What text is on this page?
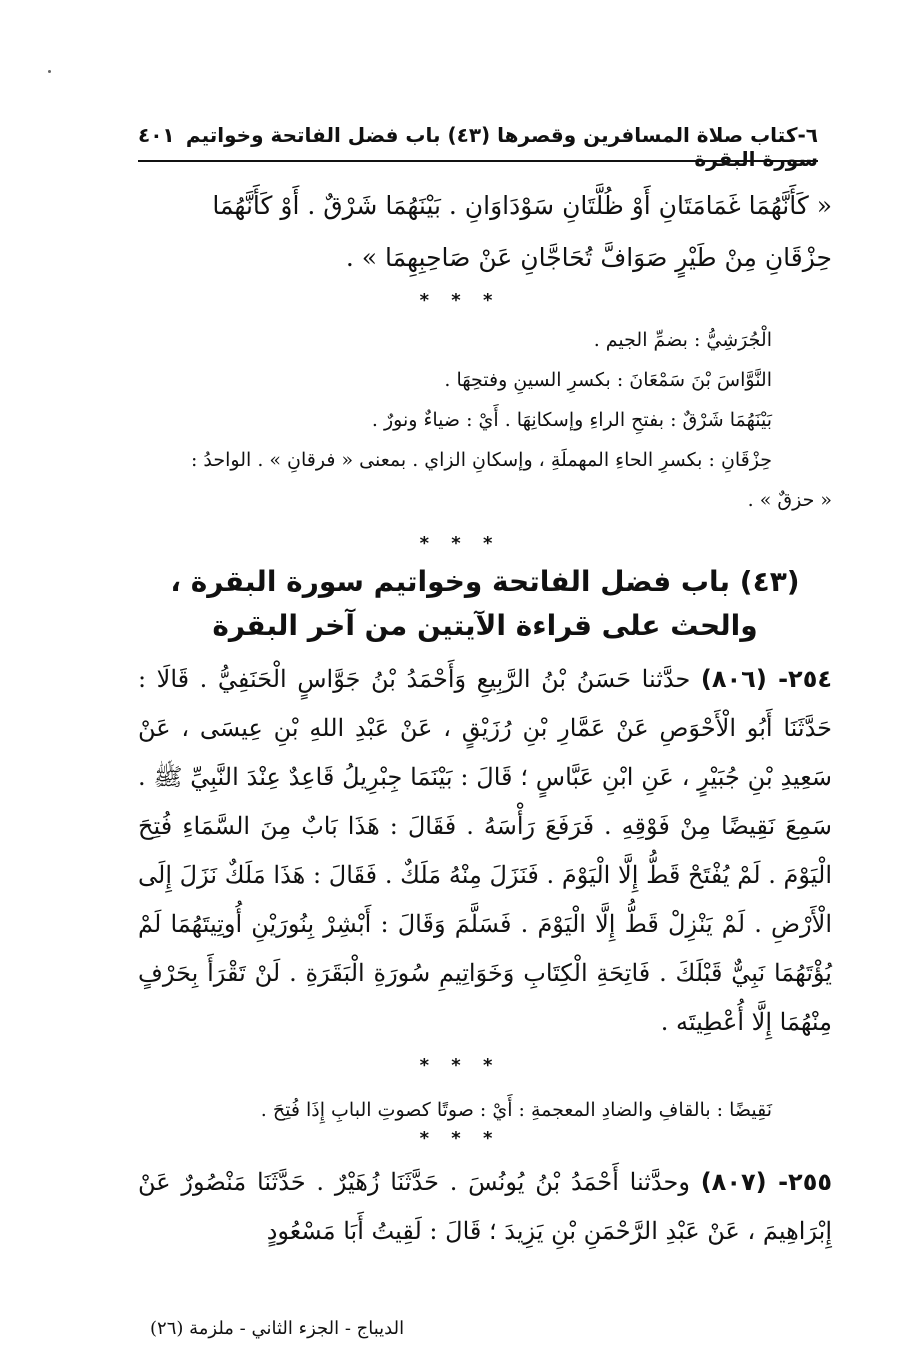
٦-كتاب صلاة المسافرين وقصرها (٤٣) باب فضل الفاتحة وخواتيم سورة البقرة
٤٠١
« كَأَنَّهُمَا غَمَامَتَانِ أَوْ ظُلَّتَانِ سَوْدَاوَانِ . بَيْنَهُمَا شَرْقٌ . أَوْ كَأَنَّهُمَا حِزْقَانِ مِنْ طَيْرٍ صَوَافَّ تُحَاجَّانِ عَنْ صَاحِبِهِمَا » .
* * *
الْجُرَشِيُّ : بضمِّ الجيم .
النَّوَّاسَ بْنَ سَمْعَانَ : بكسرِ السينِ وفتحِهَا .
بَيْنَهُمَا شَرْقٌ : بفتحِ الراءِ وإسكانِهَا . أَيْ : ضياءٌ ونورٌ .
حِزْقَانِ : بكسرِ الحاءِ المهملَةِ ، وإسكانِ الزاي . بمعنى « فرقانِ » . الواحدُ :
« حزقٌ » .
* * *
(٤٣) باب فضل الفاتحة وخواتيم سورة البقرة ، والحث على قراءة الآيتين من آخر البقرة
٢٥٤- (٨٠٦) حدَّثنا حَسَنُ بْنُ الرَّبِيعِ وَأَحْمَدُ بْنُ جَوَّاسٍ الْحَنَفِيُّ . قَالَا : حَدَّثَنَا أَبُو الْأَحْوَصِ عَنْ عَمَّارِ بْنِ رُزَيْقٍ ، عَنْ عَبْدِ اللهِ بْنِ عِيسَى ، عَنْ سَعِيدِ بْنِ جُبَيْرٍ ، عَنِ ابْنِ عَبَّاسٍ ؛ قَالَ : بَيْنَمَا جِبْرِيلُ قَاعِدٌ عِنْدَ النَّبِيِّ ﷺ . سَمِعَ نَقِيضًا مِنْ فَوْقِهِ . فَرَفَعَ رَأْسَهُ . فَقَالَ : هَذَا بَابٌ مِنَ السَّمَاءِ فُتِحَ الْيَوْمَ . لَمْ يُفْتَحْ قَطُّ إِلَّا الْيَوْمَ . فَنَزَلَ مِنْهُ مَلَكٌ . فَقَالَ : هَذَا مَلَكٌ نَزَلَ إِلَى الْأَرْضِ . لَمْ يَنْزِلْ قَطُّ إِلَّا الْيَوْمَ . فَسَلَّمَ وَقَالَ : أَبْشِرْ بِنُورَيْنِ أُوتِيتَهُمَا لَمْ يُؤْتَهُمَا نَبِيٌّ قَبْلَكَ . فَاتِحَةِ الْكِتَابِ وَخَوَاتِيمِ سُورَةِ الْبَقَرَةِ . لَنْ تَقْرَأَ بِحَرْفٍ مِنْهُمَا إِلَّا أُعْطِيتَه .
* * *
نَقِيضًا : بالقافِ والضادِ المعجمةِ : أَيْ : صوتًا كصوتِ البابِ إِذَا فُتِحَ .
* * *
٢٥٥- (٨٠٧) وحدَّثنا أَحْمَدُ بْنُ يُونُسَ . حَدَّثَنَا زُهَيْرٌ . حَدَّثَنَا مَنْصُورٌ عَنْ إِبْرَاهِيمَ ، عَنْ عَبْدِ الرَّحْمَنِ بْنِ يَزِيدَ ؛ قَالَ : لَقِيتُ أَبَا مَسْعُودٍ
الديباج - الجزء الثاني - ملزمة (٢٦)
